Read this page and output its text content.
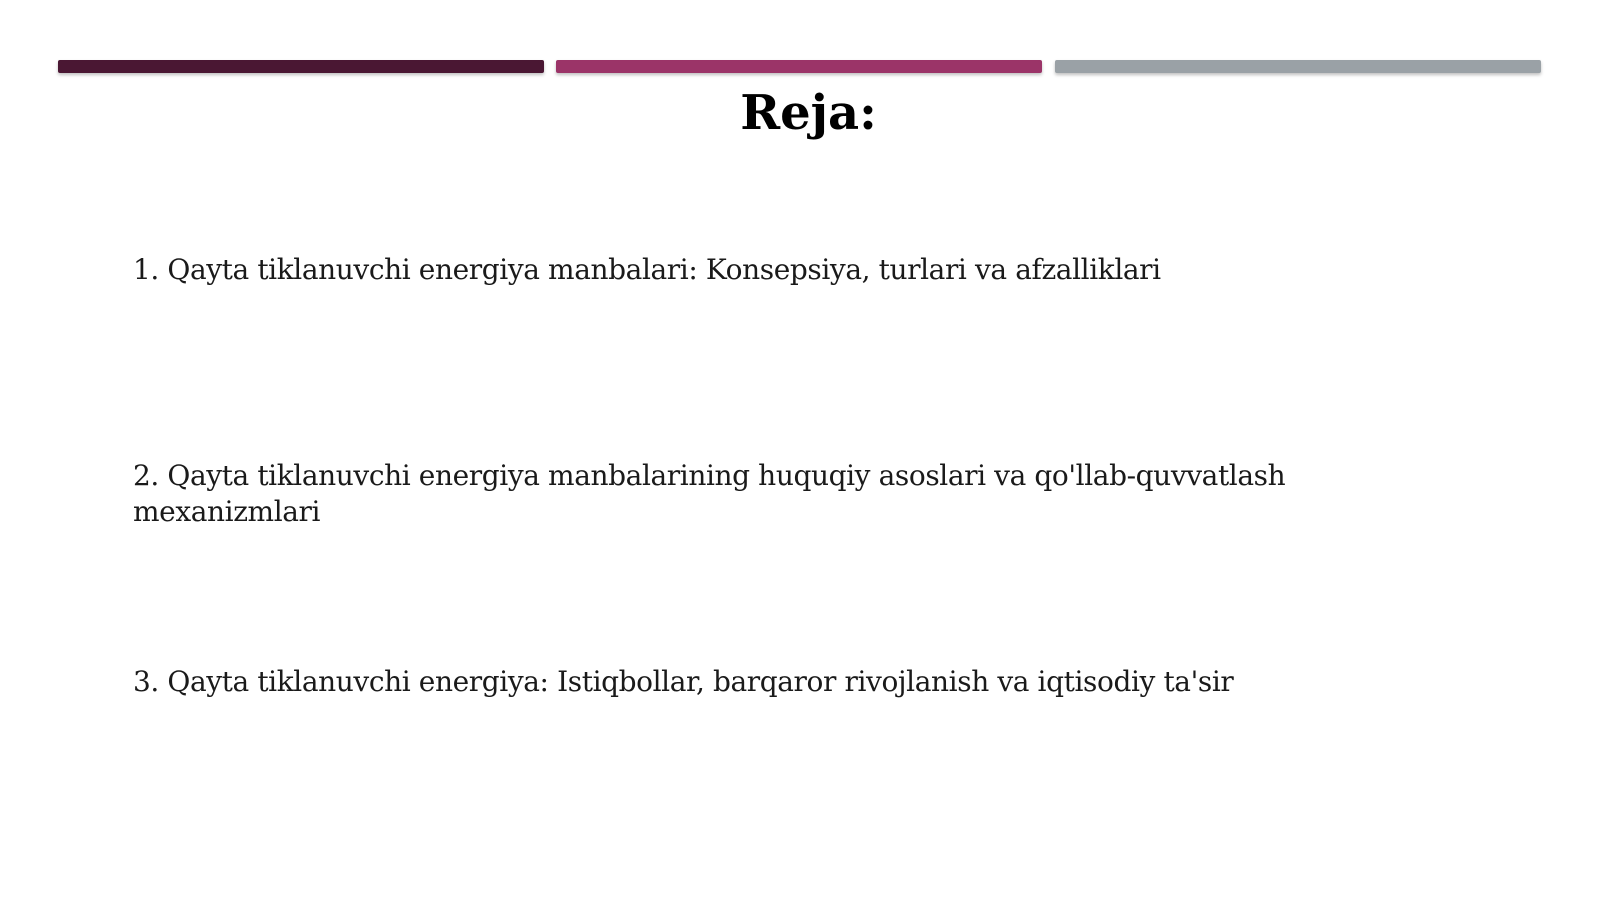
Reja:

1. Qayta tiklanuvchi energiya manbalari: Konsepsiya, turlari va afzalliklari

2. Qayta tiklanuvchi energiya manbalarining huquqiy asoslari va qo'llab-quvvatlash mexanizmlari

3. Qayta tiklanuvchi energiya: Istiqbollar, barqaror rivojlanish va iqtisodiy ta'sir
